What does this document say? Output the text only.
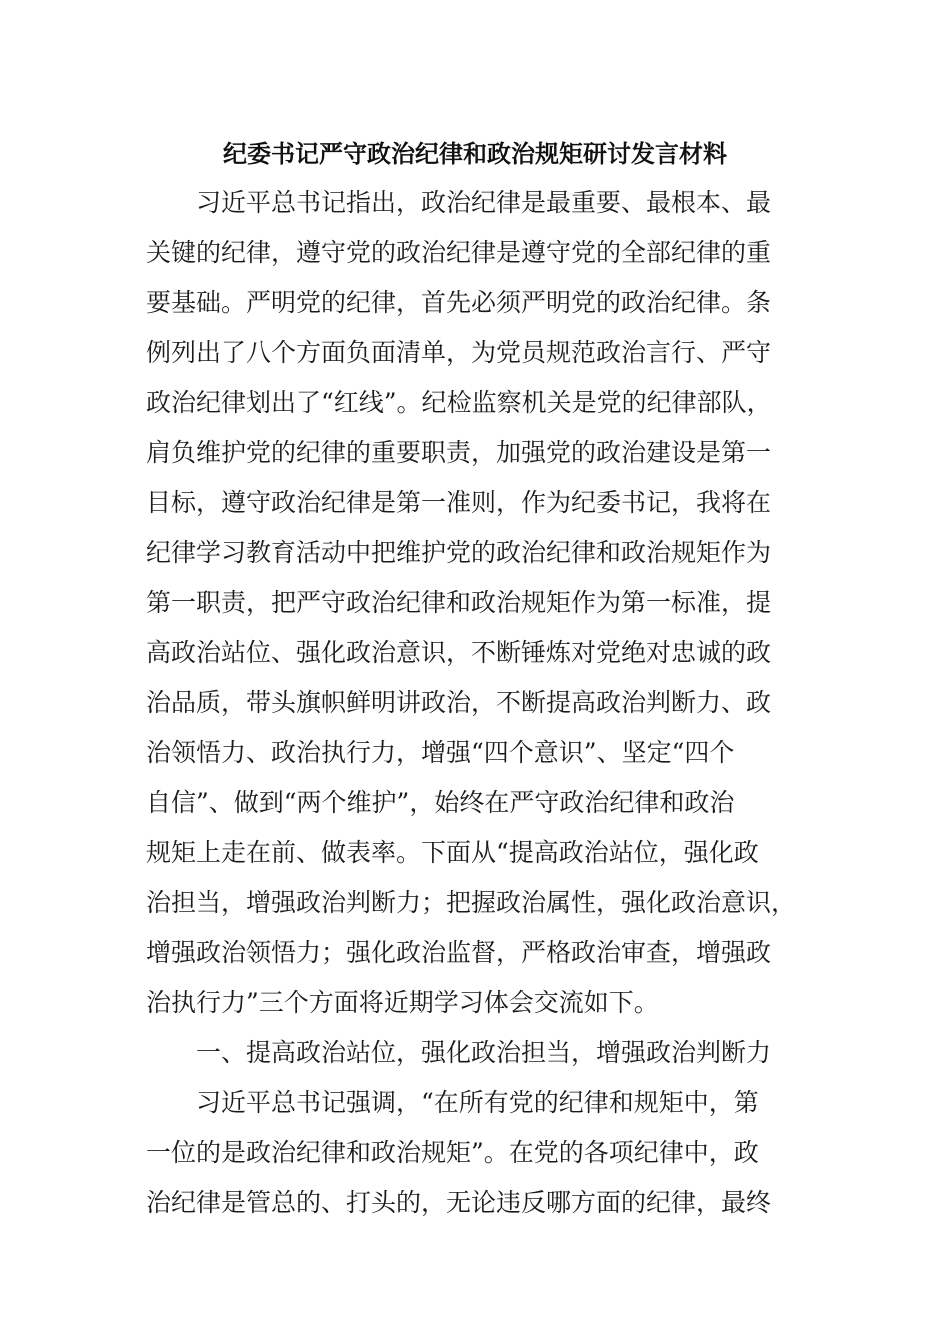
纪委书记严守政治纪律和政治规矩研讨发言材料
习近平总书记指出，政治纪律是最重要、最根本、最
关键的纪律，遵守党的政治纪律是遵守党的全部纪律的重
要基础。严明党的纪律，首先必须严明党的政治纪律。条
例列出了八个方面负面清单，为党员规范政治言行、严守
政治纪律划出了“红线”。纪检监察机关是党的纪律部队，
肩负维护党的纪律的重要职责，加强党的政治建设是第一
目标，遵守政治纪律是第一准则，作为纪委书记，我将在
纪律学习教育活动中把维护党的政治纪律和政治规矩作为
第一职责，把严守政治纪律和政治规矩作为第一标准，提
高政治站位、强化政治意识，不断锤炼对党绝对忠诚的政
治品质，带头旗帜鲜明讲政治，不断提高政治判断力、政
治领悟力、政治执行力，增强“四个意识”、坚定“四个
自信”、做到“两个维护”，始终在严守政治纪律和政治
规矩上走在前、做表率。下面从“提高政治站位，强化政
治担当，增强政治判断力；把握政治属性，强化政治意识，
增强政治领悟力；强化政治监督，严格政治审查，增强政
治执行力”三个方面将近期学习体会交流如下。
一、提高政治站位，强化政治担当，增强政治判断力
习近平总书记强调，“在所有党的纪律和规矩中，第
一位的是政治纪律和政治规矩”。在党的各项纪律中，政
治纪律是管总的、打头的，无论违反哪方面的纪律，最终
